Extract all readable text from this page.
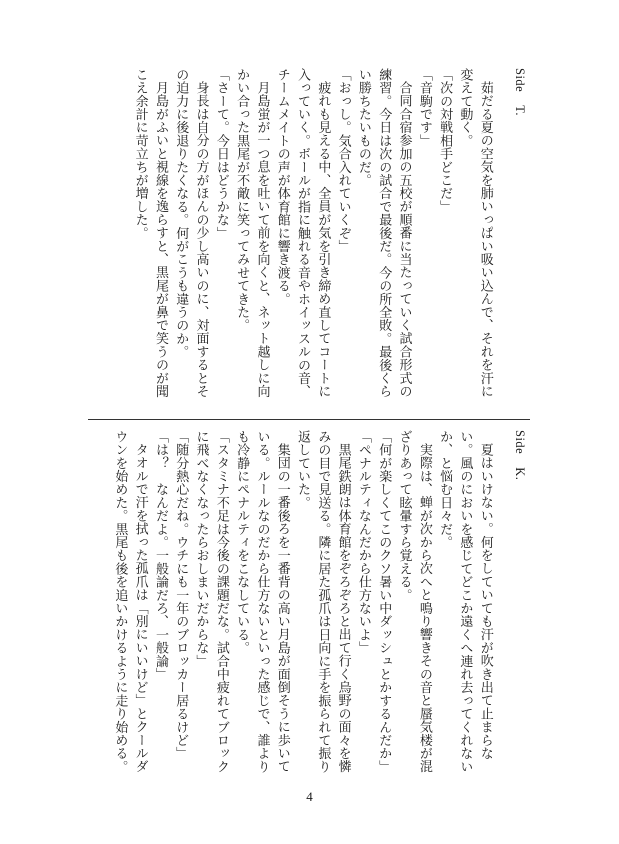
Side　T.
茹だる夏の空気を肺いっぱい吸い込んで、それを汗に変えて動く。
「次の対戦相手どこだ」
「音駒です」
合同合宿参加の五校が順番に当たっていく試合形式の練習。今日は次の試合で最後だ。今の所全敗。最後くらい勝ちたいものだ。
「おっし。気合入れていくぞ」
疲れも見える中、全員が気を引き締め直してコートに入っていく。ボールが指に触れる音やホイッスルの音、チームメイトの声が体育館に響き渡る。
月島蛍が一つ息を吐いて前を向くと、ネット越しに向かい合った黒尾が不敵に笑ってみせてきた。
「さーて。今日はどうかな」
身長は自分の方がほんの少し高いのに、対面するとその迫力に後退りたくなる。何がこうも違うのか。
月島がふいと視線を逸らすと、黒尾が鼻で笑うのが聞こえ余計に苛立ちが増した。
Side　K.
夏はいけない。何をしていても汗が吹き出て止まらない。風のにおいを感じてどこか遠くへ連れ去ってくれないか、と悩む日々だ。
実際は、蝉が次から次へと鳴り響きその音と蜃気楼が混ざりあって眩暈すら覚える。
「何が楽しくてこのクソ暑い中ダッシュとかするんだか」
「ペナルティなんだから仕方ないよ」
黒尾鉄朗は体育館をぞろぞろと出て行く烏野の面々を憐みの目で見送る。隣に居た孤爪は日向に手を振られて振り返していた。
集団の一番後ろを一番背の高い月島が面倒そうに歩いている。ルールなのだから仕方ないといった感じで、誰よりも冷静にペナルティをこなしている。
「スタミナ不足は今後の課題だな。試合中疲れてブロックに飛べなくなったらおしまいだからな」
「随分熱心だね。ウチにも一年のブロッカー居るけど」
「は？　なんだよ。一般論だろ、一般論」
タオルで汗を拭った孤爪は「別にいいけど」とクールダウンを始めた。黒尾も後を追いかけるように走り始める。
4
